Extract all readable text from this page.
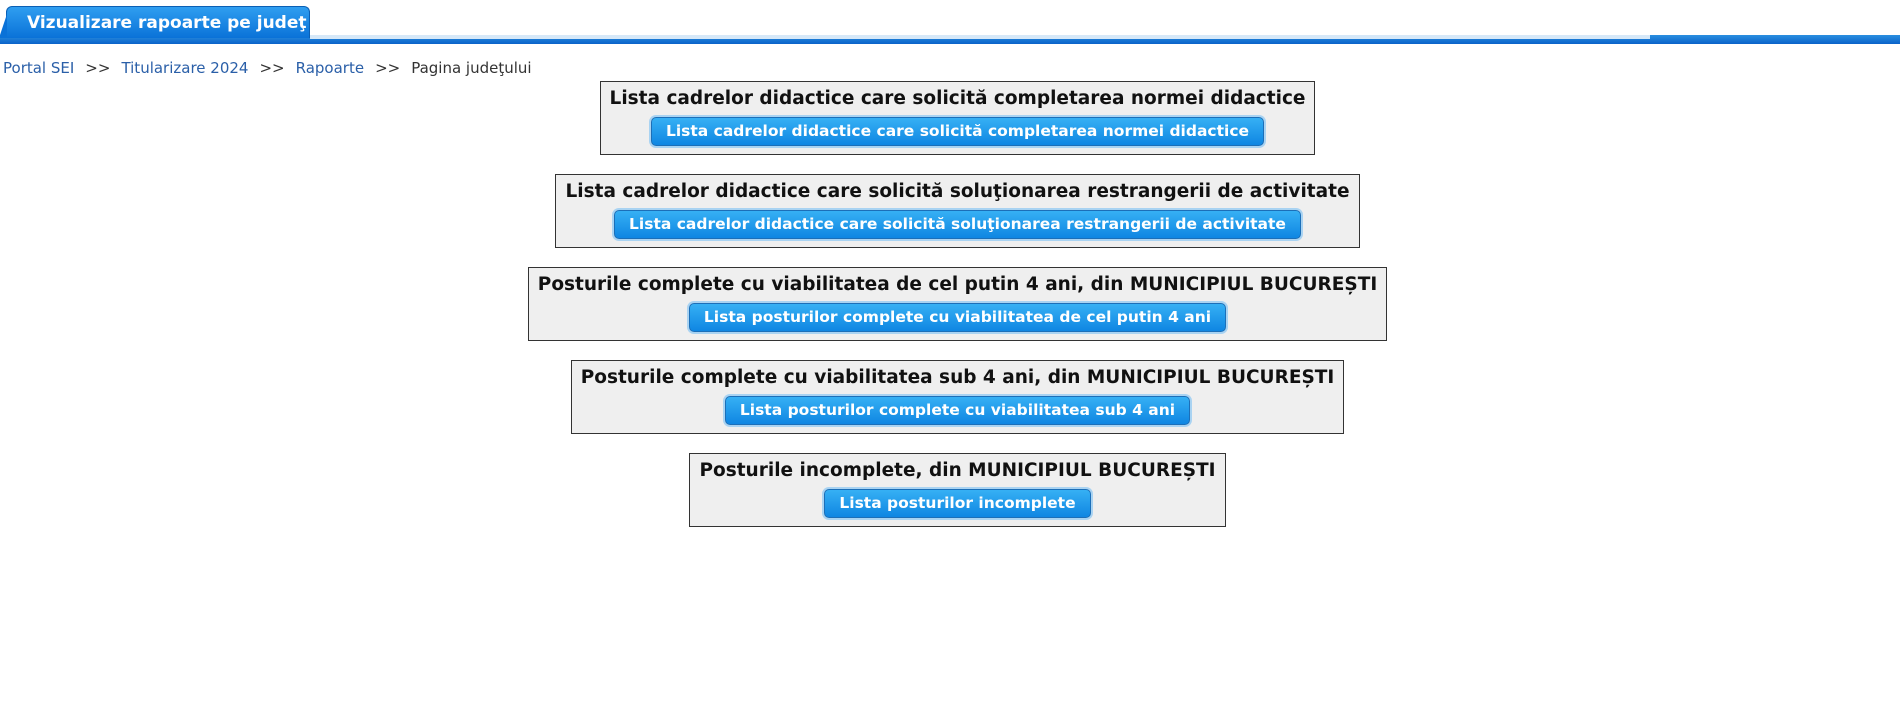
Vizualizare rapoarte pe judeţ
Portal SEI >> Titularizare 2024 >> Rapoarte >> Pagina judeţului
Lista cadrelor didactice care solicită completarea normei didactice
Lista cadrelor didactice care solicită completarea normei didactice
Lista cadrelor didactice care solicită soluţionarea restrangerii de activitate
Lista cadrelor didactice care solicită soluţionarea restrangerii de activitate
Posturile complete cu viabilitatea de cel putin 4 ani, din MUNICIPIUL BUCUREȘTI
Lista posturilor complete cu viabilitatea de cel putin 4 ani
Posturile complete cu viabilitatea sub 4 ani, din MUNICIPIUL BUCUREȘTI
Lista posturilor complete cu viabilitatea sub 4 ani
Posturile incomplete, din MUNICIPIUL BUCUREȘTI
Lista posturilor incomplete
